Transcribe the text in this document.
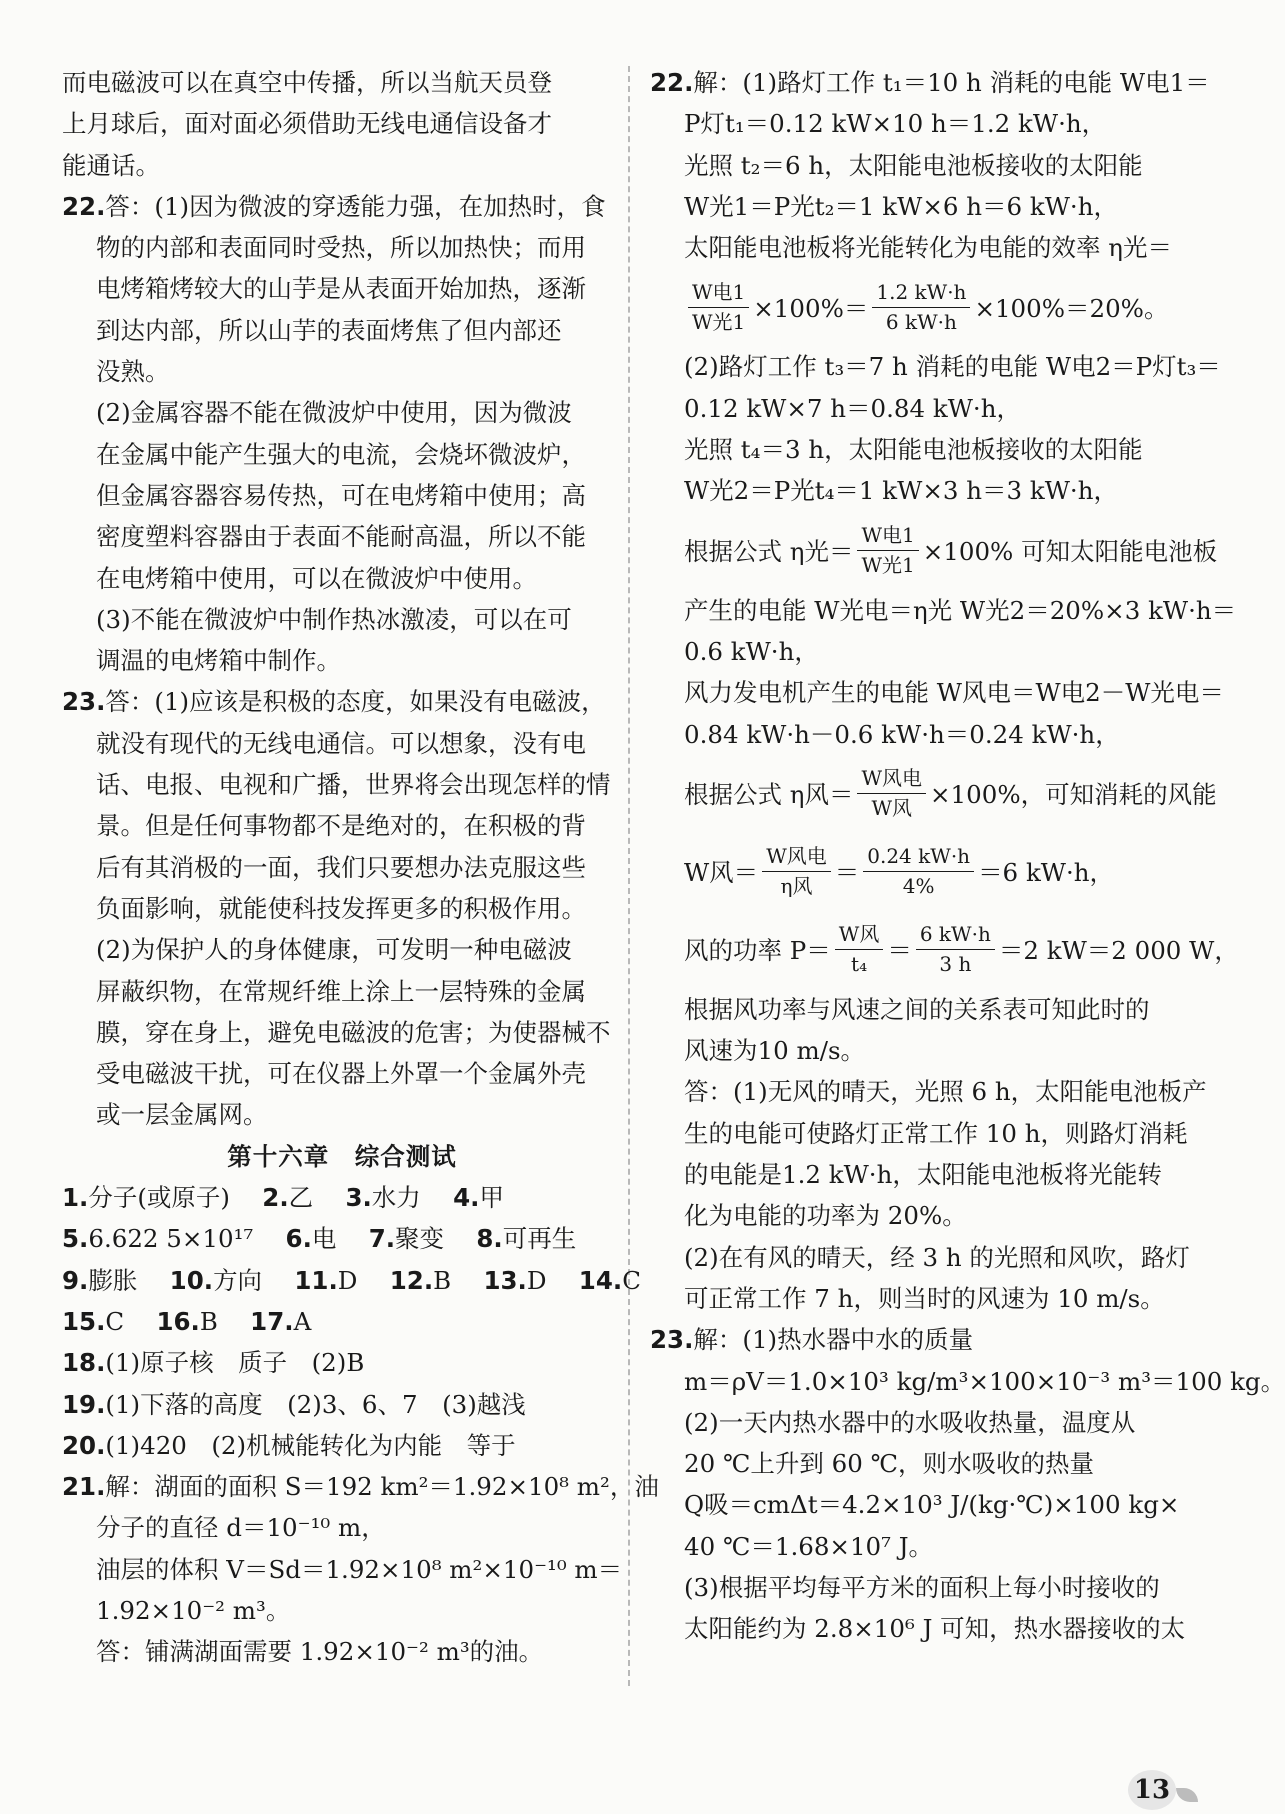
而电磁波可以在真空中传播，所以当航天员登
上月球后，面对面必须借助无线电通信设备才
能通话。
22.答：(1)因为微波的穿透能力强，在加热时，食
物的内部和表面同时受热，所以加热快；而用
电烤箱烤较大的山芋是从表面开始加热，逐渐
到达内部，所以山芋的表面烤焦了但内部还
没熟。
(2)金属容器不能在微波炉中使用，因为微波
在金属中能产生强大的电流，会烧坏微波炉，
但金属容器容易传热，可在电烤箱中使用；高
密度塑料容器由于表面不能耐高温，所以不能
在电烤箱中使用，可以在微波炉中使用。
(3)不能在微波炉中制作热冰激凌，可以在可
调温的电烤箱中制作。
23.答：(1)应该是积极的态度，如果没有电磁波，
就没有现代的无线电通信。可以想象，没有电
话、电报、电视和广播，世界将会出现怎样的情
景。但是任何事物都不是绝对的，在积极的背
后有其消极的一面，我们只要想办法克服这些
负面影响，就能使科技发挥更多的积极作用。
(2)为保护人的身体健康，可发明一种电磁波
屏蔽织物，在常规纤维上涂上一层特殊的金属
膜，穿在身上，避免电磁波的危害；为使器械不
受电磁波干扰，可在仪器上外罩一个金属外壳
或一层金属网。
第十六章　综合测试
1.分子(或原子)　 2.乙　 3.水力　 4.甲
5.6.622 5×10¹⁷　 6.电　 7.聚变　 8.可再生
9.膨胀　 10.方向　 11.D　 12.B　 13.D　 14.C
15.C　 16.B　 17.A
18.(1)原子核　质子　(2)B
19.(1)下落的高度　(2)3、6、7　(3)越浅
20.(1)420　(2)机械能转化为内能　等于
21.解：湖面的面积 S＝192 km²＝1.92×10⁸ m²，油
分子的直径 d＝10⁻¹⁰ m，
油层的体积 V＝Sd＝1.92×10⁸ m²×10⁻¹⁰ m＝
1.92×10⁻² m³。
答：铺满湖面需要 1.92×10⁻² m³的油。
22.解：(1)路灯工作 t₁＝10 h 消耗的电能 W电1＝
P灯t₁＝0.12 kW×10 h＝1.2 kW·h，
光照 t₂＝6 h，太阳能电池板接收的太阳能
W光1＝P光t₂＝1 kW×6 h＝6 kW·h，
太阳能电池板将光能转化为电能的效率 η光＝
$\frac{\text{W电1}}{\text{W光1}} \times 100\%= \frac{1.2 kW\cdot h}{6 kW\cdot h} \times 100\%=20\%$。
(2)路灯工作 t₃＝7 h 消耗的电能 W电2＝P灯t₃＝
0.12 kW×7 h＝0.84 kW·h，
光照 t₄＝3 h，太阳能电池板接收的太阳能
W光2＝P光t₄＝1 kW×3 h＝3 kW·h，
根据公式 η光＝ $\frac{\text{W电1}}{\text{W光1}} \times 100\%$ 可知太阳能电池板
产生的电能 W光电＝η光 W光2＝20%×3 kW·h＝
0.6 kW·h，
风力发电机产生的电能 W风电＝W电2－W光电＝
0.84 kW·h－0.6 kW·h＝0.24 kW·h，
根据公式 η风＝ $\frac{\text{W风电}}{\text{W风}} \times 100\%$，可知消耗的风能
W风＝ $\frac{\text{W风电}}{\text{η风}} = \frac{0.24 kW\cdot h}{4\%} =6$ kW·h，
风的功率 $P= \frac{\text{W风}}{\text{t₄}} = \frac{6 kW\cdot h}{3 h} =2$ kW＝2 000 W，
根据风功率与风速之间的关系表可知此时的
风速为10 m/s。
答：(1)无风的晴天，光照 6 h，太阳能电池板产
生的电能可使路灯正常工作 10 h，则路灯消耗
的电能是1.2 kW·h，太阳能电池板将光能转
化为电能的功率为 20%。
(2)在有风的晴天，经 3 h 的光照和风吹，路灯
可正常工作 7 h，则当时的风速为 10 m/s。
23.解：(1)热水器中水的质量
m＝ρV＝1.0×10³ kg/m³×100×10⁻³ m³＝100 kg。
(2)一天内热水器中的水吸收热量，温度从
20 ℃上升到 60 ℃，则水吸收的热量
Q吸＝cmΔt＝4.2×10³ J/(kg·℃)×100 kg×
40 ℃＝1.68×10⁷ J。
(3)根据平均每平方米的面积上每小时接收的
太阳能约为 2.8×10⁶ J 可知，热水器接收的太
13
